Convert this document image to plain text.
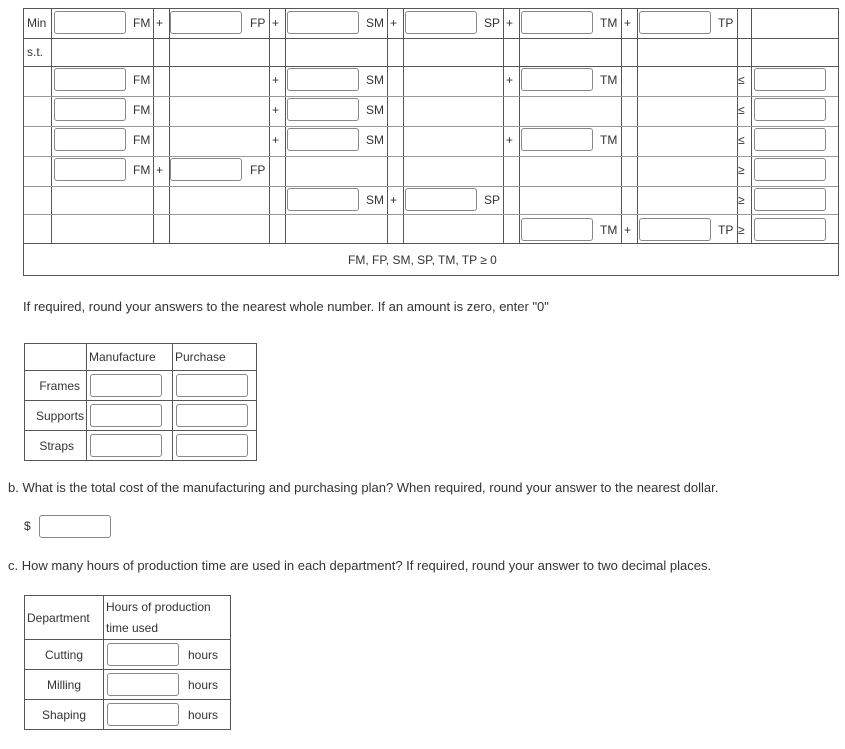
Min	FM +	FP +	SM +	SP +	TM +	TP
s.t.
FM	+	SM	+	TM	≤
FM	+	SM	≤
FM	+	SM	+	TM	≤
FM +	FP	≥
SM +	SP	≥
TM +	TP ≥
FM, FP, SM, SP, TM, TP ≥ 0
If required, round your answers to the nearest whole number. If an amount is zero, enter "0"
	Manufacture	Purchase
Frames	

Supports	

Straps	

b. What is the total cost of the manufacturing and purchasing plan? When required, round your answer to the nearest dollar.
$
c. How many hours of production time are used in each department? If required, round your answer to two decimal places.
Department	Hours of production time used
Cutting	hours

Milling	hours

Shaping	hours
